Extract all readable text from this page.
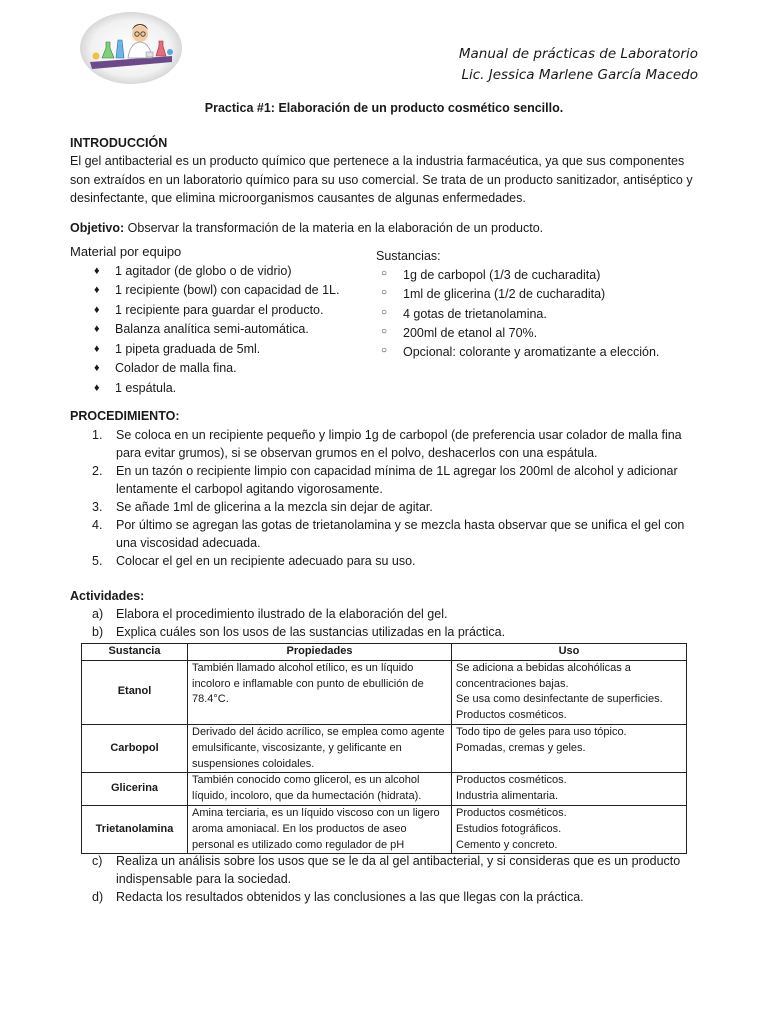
Manual de prácticas de Laboratorio
Lic. Jessica Marlene García Macedo
Practica #1: Elaboración de un producto cosmético sencillo.
INTRODUCCIÓN
El gel antibacterial es un producto químico que pertenece a la industria farmacéutica, ya que sus componentes son extraídos en un laboratorio químico para su uso comercial. Se trata de un producto sanitizador, antiséptico y desinfectante, que elimina microorganismos causantes de algunas enfermedades.
Objetivo: Observar la transformación de la materia en la elaboración de un producto.
Material por equipo
♦ 1 agitador (de globo o de vidrio)
♦ 1 recipiente (bowl) con capacidad de 1L.
♦ 1 recipiente para guardar el producto.
♦ Balanza analítica semi-automática.
♦ 1 pipeta graduada de 5ml.
♦ Colador de malla fina.
♦ 1 espátula.
Sustancias:
○ 1g de carbopol (1/3 de cucharadita)
○ 1ml de glicerina (1/2 de cucharadita)
○ 4 gotas de trietanolamina.
○ 200ml de etanol al 70%.
○ Opcional: colorante y aromatizante a elección.
PROCEDIMIENTO:
1. Se coloca en un recipiente pequeño y limpio 1g de carbopol (de preferencia usar colador de malla fina para evitar grumos), si se observan grumos en el polvo, deshacerlos con una espátula.
2. En un tazón o recipiente limpio con capacidad mínima de 1L agregar los 200ml de alcohol y adicionar lentamente el carbopol agitando vigorosamente.
3. Se añade 1ml de glicerina a la mezcla sin dejar de agitar.
4. Por último se agregan las gotas de trietanolamina y se mezcla hasta observar que se unifica el gel con una viscosidad adecuada.
5. Colocar el gel en un recipiente adecuado para su uso.
Actividades:
a) Elabora el procedimiento ilustrado de la elaboración del gel.
b) Explica cuáles son los usos de las sustancias utilizadas en la práctica.
Sustancia	Propiedades	Uso
Etanol	También llamado alcohol etílico, es un líquido incoloro e inflamable con punto de ebullición de 78.4°C.	Se adiciona a bebidas alcohólicas a concentraciones bajas.
Se usa como desinfectante de superficies.
Productos cosméticos.

Carbopol	Derivado del ácido acrílico, se emplea como agente emulsificante, viscosizante, y gelificante en suspensiones coloidales.	Todo tipo de geles para uso tópico.
Pomadas, cremas y geles.

Glicerina	También conocido como glicerol, es un alcohol líquido, incoloro, que da humectación (hidrata).	Productos cosméticos.
Industria alimentaria.

Trietanolamina	Amina terciaria, es un líquido viscoso con un ligero aroma amoniacal. En los productos de aseo personal es utilizado como regulador de pH	Productos cosméticos.
Estudios fotográficos.
Cemento y concreto.
c) Realiza un análisis sobre los usos que se le da al gel antibacterial, y si consideras que es un producto indispensable para la sociedad.
d) Redacta los resultados obtenidos y las conclusiones a las que llegas con la práctica.
